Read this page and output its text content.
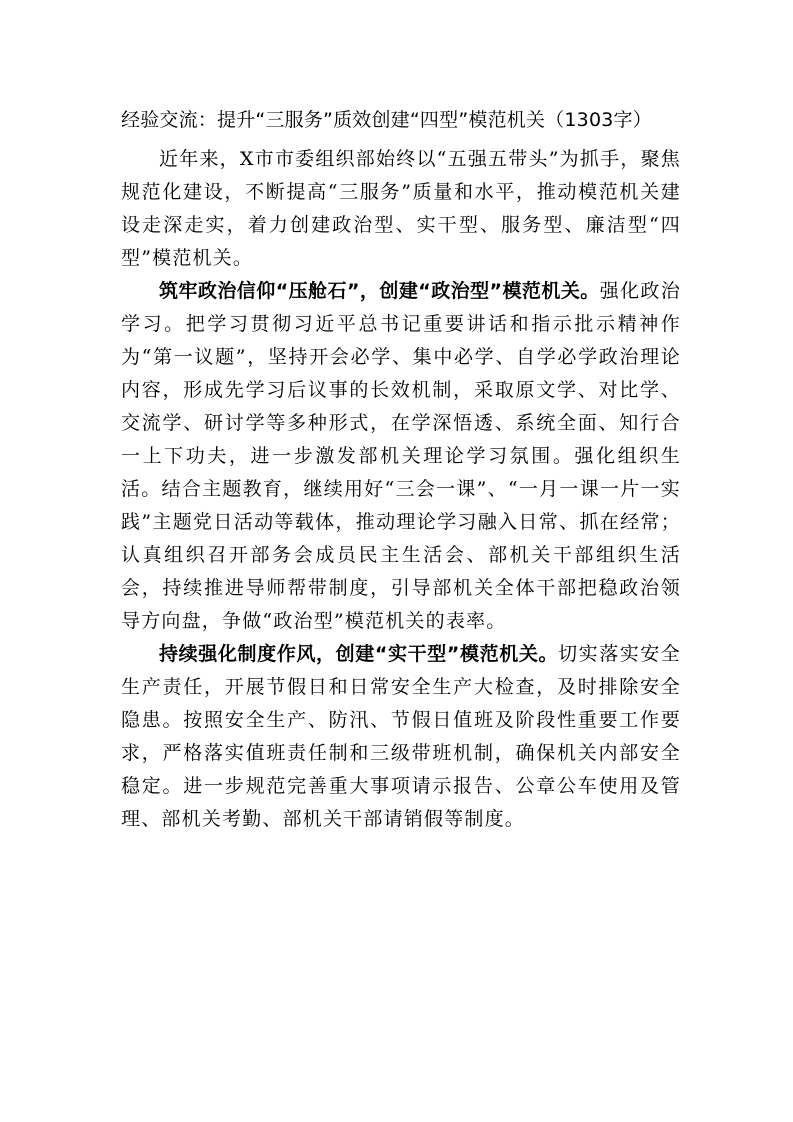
经验交流：提升“三服务”质效创建“四型”模范机关（1303字）

近年来，X市市委组织部始终以“五强五带头”为抓手，聚焦规范化建设，不断提高“三服务”质量和水平，推动模范机关建设走深走实，着力创建政治型、实干型、服务型、廉洁型“四型”模范机关。

筑牢政治信仰“压舱石”，创建“政治型”模范机关。强化政治学习。把学习贯彻习近平总书记重要讲话和指示批示精神作为“第一议题”，坚持开会必学、集中必学、自学必学政治理论内容，形成先学习后议事的长效机制，采取原文学、对比学、交流学、研讨学等多种形式，在学深悟透、系统全面、知行合一上下功夫，进一步激发部机关理论学习氛围。强化组织生活。结合主题教育，继续用好“三会一课”、“一月一课一片一实践”主题党日活动等载体，推动理论学习融入日常、抓在经常；认真组织召开部务会成员民主生活会、部机关干部组织生活会，持续推进导师帮带制度，引导部机关全体干部把稳政治领导方向盘，争做“政治型”模范机关的表率。

持续强化制度作风，创建“实干型”模范机关。切实落实安全生产责任，开展节假日和日常安全生产大检查，及时排除安全隐患。按照安全生产、防汛、节假日值班及阶段性重要工作要求，严格落实值班责任制和三级带班机制，确保机关内部安全稳定。进一步规范完善重大事项请示报告、公章公车使用及管理、部机关考勤、部机关干部请销假等制度。
